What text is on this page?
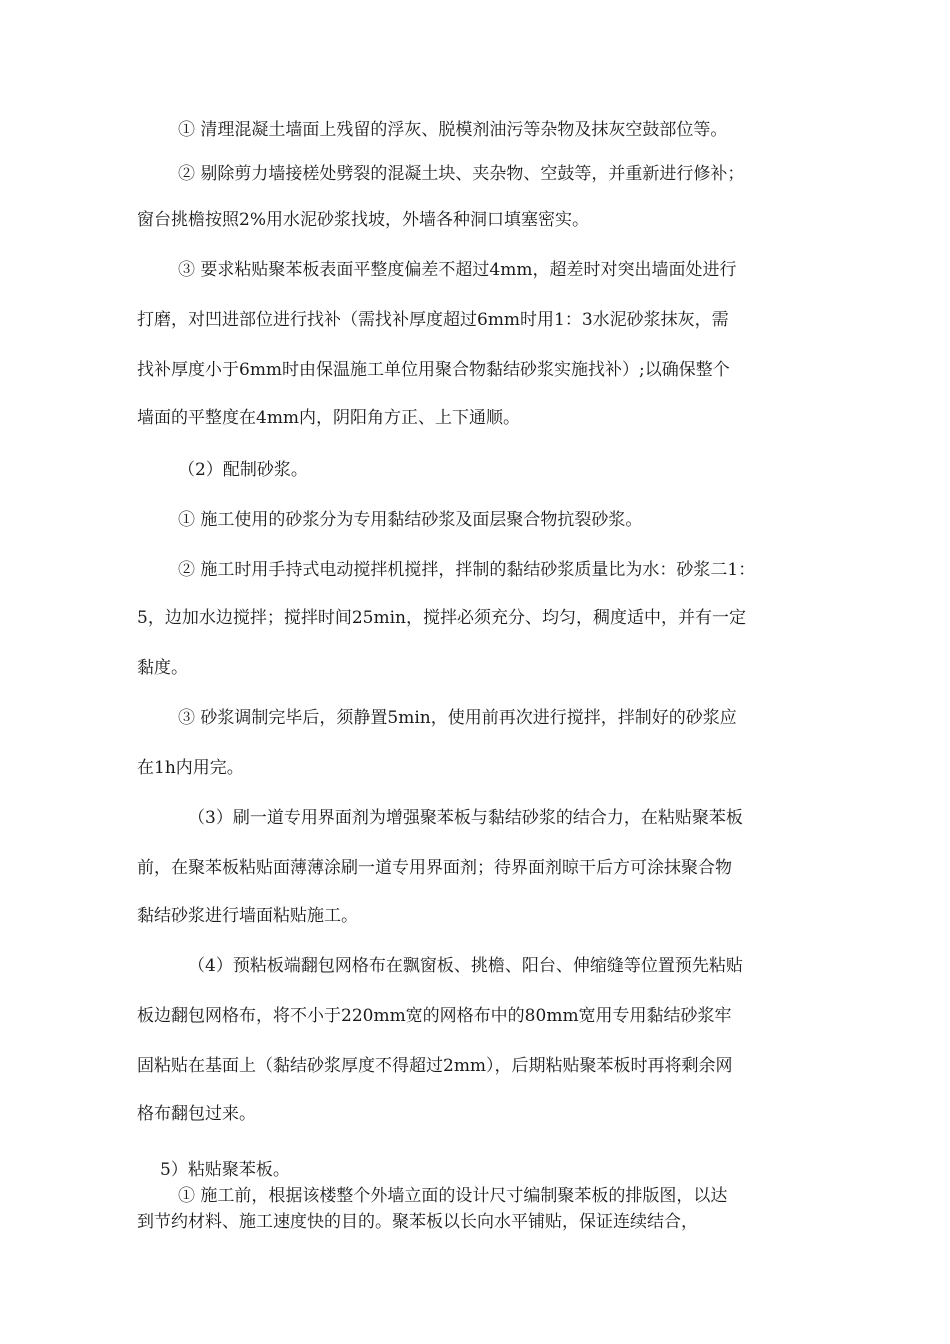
① 清理混凝土墙面上残留的浮灰、脱模剂油污等杂物及抹灰空鼓部位等。
② 剔除剪力墙接槎处劈裂的混凝土块、夹杂物、空鼓等，并重新进行修补；
窗台挑檐按照2%用水泥砂浆找坡，外墙各种洞口填塞密实。
③ 要求粘贴聚苯板表面平整度偏差不超过4mm，超差时对突出墙面处进行
打磨，对凹进部位进行找补（需找补厚度超过6mm时用1：3水泥砂浆抹灰，需
找补厚度小于6mm时由保温施工单位用聚合物黏结砂浆实施找补）;以确保整个
墙面的平整度在4mm内，阴阳角方正、上下通顺。
（2）配制砂浆。
① 施工使用的砂浆分为专用黏结砂浆及面层聚合物抗裂砂浆。
② 施工时用手持式电动搅拌机搅拌，拌制的黏结砂浆质量比为水：砂浆二1：
5，边加水边搅拌；搅拌时间25min，搅拌必须充分、均匀，稠度适中，并有一定
黏度。
③ 砂浆调制完毕后，须静置5min，使用前再次进行搅拌，拌制好的砂浆应
在1h内用完。
（3）刷一道专用界面剂为增强聚苯板与黏结砂浆的结合力，在粘贴聚苯板
前，在聚苯板粘贴面薄薄涂刷一道专用界面剂；待界面剂晾干后方可涂抹聚合物
黏结砂浆进行墙面粘贴施工。
（4）预粘板端翻包网格布在飘窗板、挑檐、阳台、伸缩缝等位置预先粘贴
板边翻包网格布，将不小于220mm宽的网格布中的80mm宽用专用黏结砂浆牢
固粘贴在基面上（黏结砂浆厚度不得超过2mm），后期粘贴聚苯板时再将剩余网
格布翻包过来。
5）粘贴聚苯板。
① 施工前，根据该楼整个外墙立面的设计尺寸编制聚苯板的排版图，以达
到节约材料、施工速度快的目的。聚苯板以长向水平铺贴，保证连续结合，
